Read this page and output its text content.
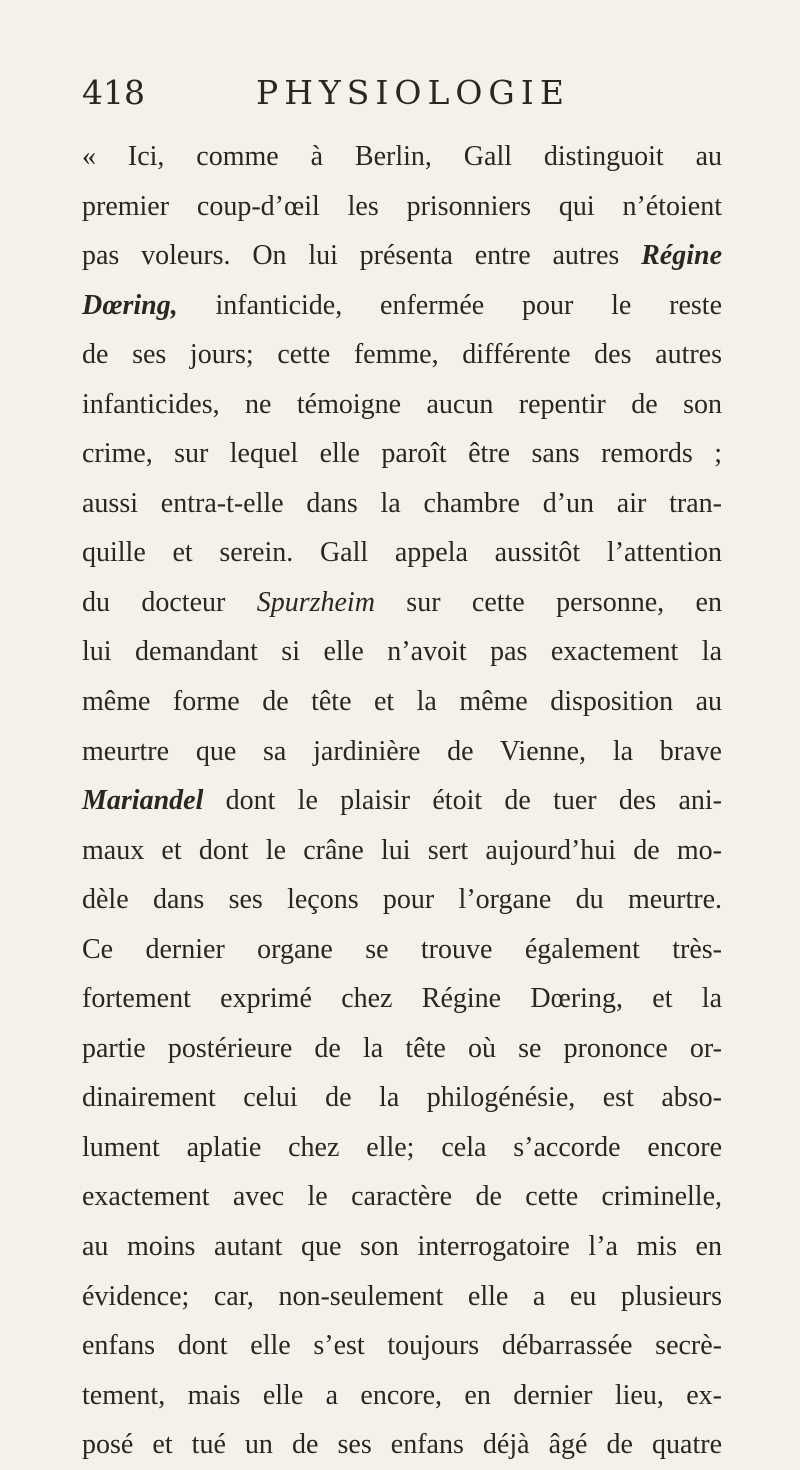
418	PHYSIOLOGIE
« Ici, comme à Berlin, Gall distinguoit au
premier coup-d’œil les prisonniers qui n’étoient
pas voleurs. On lui présenta entre autres Régine
Dœring, infanticide, enfermée pour le reste
de ses jours; cette femme, différente des autres
infanticides, ne témoigne aucun repentir de son
crime, sur lequel elle paroît être sans remords ;
aussi entra-t-elle dans la chambre d’un air tran-
quille et serein. Gall appela aussitôt l’attention
du docteur Spurzheim sur cette personne, en
lui demandant si elle n’avoit pas exactement la
même forme de tête et la même disposition au
meurtre que sa jardinière de Vienne, la brave
Mariandel dont le plaisir étoit de tuer des ani-
maux et dont le crâne lui sert aujourd’hui de mo-
dèle dans ses leçons pour l’organe du meurtre.
Ce dernier organe se trouve également très-
fortement exprimé chez Régine Dœring, et la
partie postérieure de la tête où se prononce or-
dinairement celui de la philogénésie, est abso-
lument aplatie chez elle; cela s’accorde encore
exactement avec le caractère de cette criminelle,
au moins autant que son interrogatoire l’a mis en
évidence; car, non-seulement elle a eu plusieurs
enfans dont elle s’est toujours débarrassée secrè-
tement, mais elle a encore, en dernier lieu, ex-
posé et tué un de ses enfans déjà âgé de quatre
